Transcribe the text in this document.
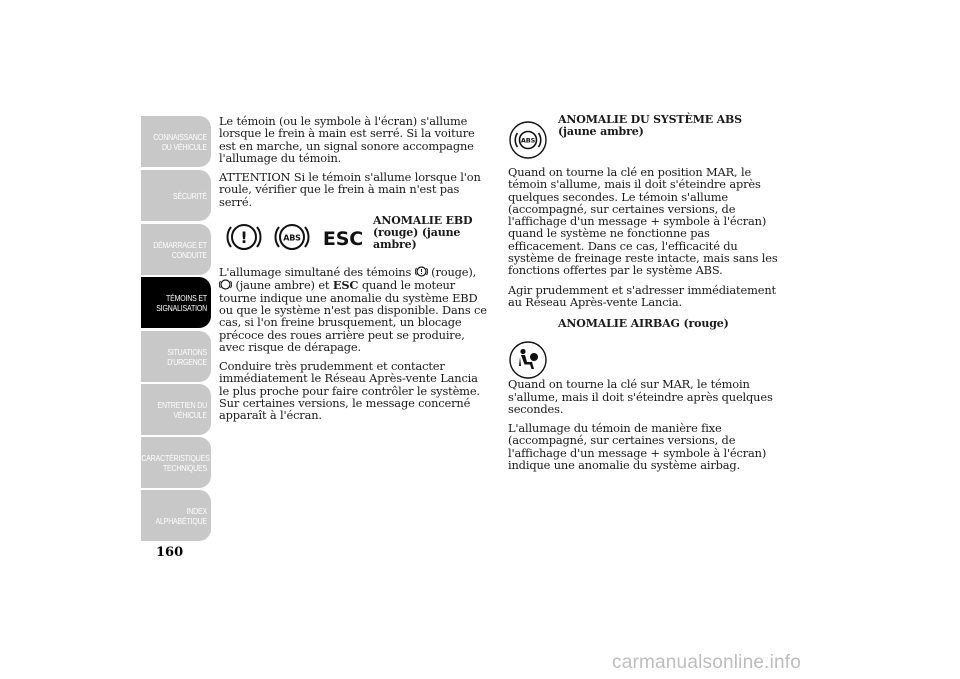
CONNAISSANCE DU VÉHICULE
SÉCURITÉ
DÉMARRAGE ET CONDUITE
TÉMOINS ET SIGNALISATION
SITUATIONS D'URGENCE
ENTRETIEN DU VÉHICULE
CARACTÉRISTIQUES TECHNIQUES
INDEX ALPHABÉTIQUE
160

Le témoin (ou le symbole à l'écran) s'allume lorsque le frein à main est serré. Si la voiture est en marche, un signal sonore accompagne l'allumage du témoin.

ATTENTION Si le témoin s'allume lorsque l'on roule, vérifier que le frein à main n'est pas serré.

!	ABS ESC
ANOMALIE EBD
(rouge) (jaune
ambre)

L'allumage simultané des témoins (rouge),
(jaune ambre) et ESC quand le moteur tourne indique une anomalie du système EBD ou que le système n'est pas disponible. Dans ce cas, si l'on freine brusquement, un blocage précoce des roues arrière peut se produire, avec risque de dérapage.

Conduire très prudemment et contacter immédiatement le Réseau Après-vente Lancia le plus proche pour faire contrôler le système. Sur certaines versions, le message concerné apparaît à l'écran.

ABS
ANOMALIE DU SYSTÈME ABS
(jaune ambre)

Quand on tourne la clé en position MAR, le témoin s'allume, mais il doit s'éteindre après quelques secondes. Le témoin s'allume (accompagné, sur certaines versions, de l'affichage d'un message + symbole à l'écran) quand le système ne fonctionne pas efficacement. Dans ce cas, l'efficacité du système de freinage reste intacte, mais sans les fonctions offertes par le système ABS.

Agir prudemment et s'adresser immédiatement au Réseau Après-vente Lancia.

ANOMALIE AIRBAG (rouge)

Quand on tourne la clé sur MAR, le témoin s'allume, mais il doit s'éteindre après quelques secondes.

L'allumage du témoin de manière fixe (accompagné, sur certaines versions, de l'affichage d'un message + symbole à l'écran) indique une anomalie du système airbag.

carmanualsonline.info
